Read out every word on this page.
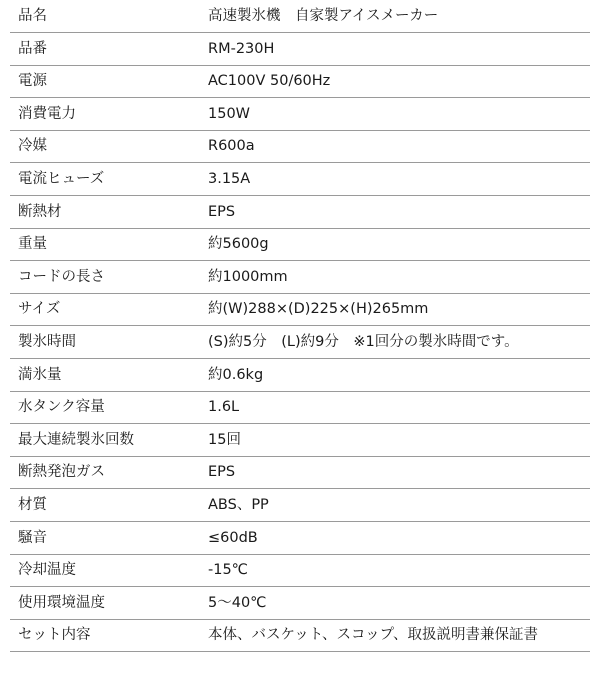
品名	高速製氷機　自家製アイスメーカー
品番	RM-230H
電源	AC100V 50/60Hz
消費電力	150W
冷媒	R600a
電流ヒューズ	3.15A
断熱材	EPS
重量	約5600g
コードの長さ	約1000mm
サイズ	約(W)288×(D)225×(H)265mm
製氷時間	(S)約5分　(L)約9分　※1回分の製氷時間です。
満氷量	約0.6kg
水タンク容量	1.6L
最大連続製氷回数	15回
断熱発泡ガス	EPS
材質	ABS、PP
騒音	≤60dB
冷却温度	-15℃
使用環境温度	5〜40℃
セット内容	本体、バスケット、スコップ、取扱説明書兼保証書
